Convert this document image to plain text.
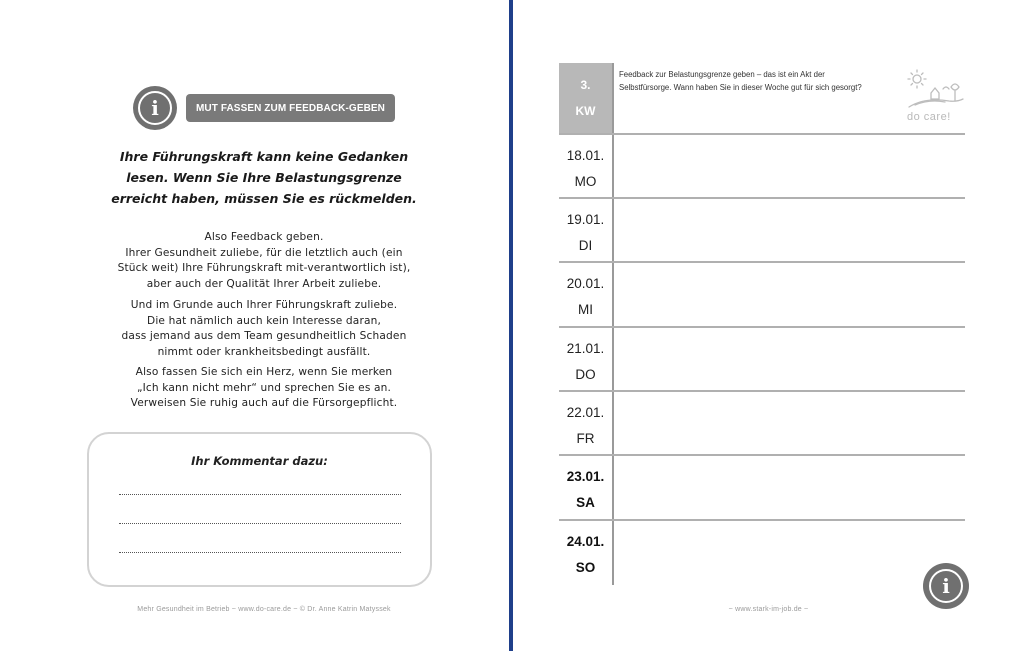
i	MUT FASSEN ZUM FEEDBACK-GEBEN
Ihre Führungskraft kann keine Gedanken
lesen. Wenn Sie Ihre Belastungsgrenze
erreicht haben, müssen Sie es rückmelden.
Also Feedback geben.
Ihrer Gesundheit zuliebe, für die letztlich auch (ein
Stück weit) Ihre Führungskraft mit-verantwortlich ist),
aber auch der Qualität Ihrer Arbeit zuliebe.
Und im Grunde auch Ihrer Führungskraft zuliebe.
Die hat nämlich auch kein Interesse daran,
dass jemand aus dem Team gesundheitlich Schaden
nimmt oder krankheitsbedingt ausfällt.
Also fassen Sie sich ein Herz, wenn Sie merken
„Ich kann nicht mehr“ und sprechen Sie es an.
Verweisen Sie ruhig auch auf die Fürsorgepflicht.
Ihr Kommentar dazu:
Mehr Gesundheit im Betrieb ~ www.do-care.de ~ © Dr. Anne Katrin Matyssek
3.
KW
Feedback zur Belastungsgrenze geben – das ist ein Akt der
Selbstfürsorge. Wann haben Sie in dieser Woche gut für sich gesorgt?
do care!
18.01.
MO
19.01.
DI
20.01.
MI
21.01.
DO
22.01.
FR
23.01.
SA
24.01.
SO
i
~ www.stark-im-job.de ~
